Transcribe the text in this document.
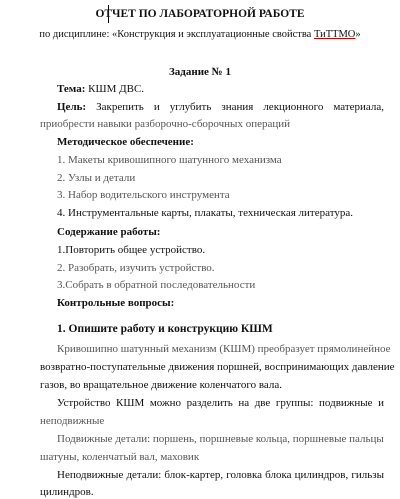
ОТЧЕТ ПО ЛАБОРАТОРНОЙ РАБОТЕ
по дисциплине: «Конструкция и эксплуатационные свойства ТиТТМО»
Задание № 1
Тема: КШМ ДВС.
Цель: Закрепить и углубить знания лекционного материала,
приобрести навыки разборочно-сборочных операций
Методическое обеспечение:
1. Макеты кривошипного шатунного механизма
2. Узлы и детали
3. Набор водительского инструмента
4. Инструментальные карты, плакаты, техническая литература.
Содержание работы:
1.Повторить общее устройство.
2. Разобрать, изучить устройство.
3.Собрать в обратной последовательности
Контрольные вопросы:
1. Опишите работу и конструкцию КШМ
Кривошипно шатунный механизм (КШМ) преобразует прямолинейное
возвратно-поступательные движения поршней, воспринимающих давление
газов, во вращательное движение коленчатого вала.
Устройство КШМ можно разделить на две группы: подвижные и
неподвижные
Подвижные детали: поршень, поршневые кольца, поршневые пальцы
шатуны, коленчатый вал, маховик
Неподвижные детали: блок-картер, головка блока цилиндров, гильзы
цилиндров.
